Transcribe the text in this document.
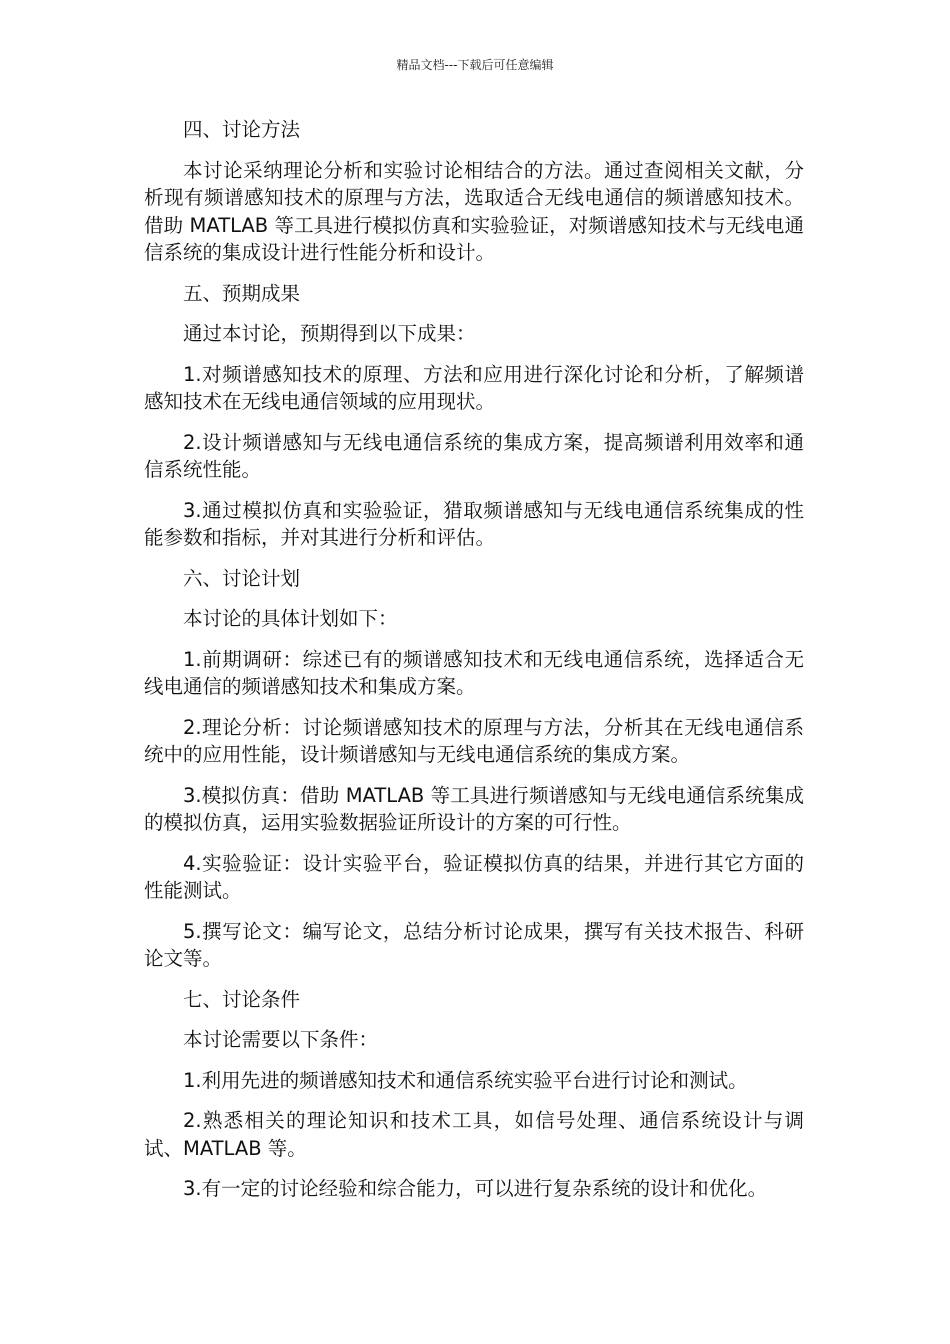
精品文档---下载后可任意编辑

四、讨论方法

本讨论采纳理论分析和实验讨论相结合的方法。通过查阅相关文献，分析现有频谱感知技术的原理与方法，选取适合无线电通信的频谱感知技术。借助 MATLAB 等工具进行模拟仿真和实验验证，对频谱感知技术与无线电通信系统的集成设计进行性能分析和设计。

五、预期成果

通过本讨论，预期得到以下成果：

1.对频谱感知技术的原理、方法和应用进行深化讨论和分析，了解频谱感知技术在无线电通信领域的应用现状。

2.设计频谱感知与无线电通信系统的集成方案，提高频谱利用效率和通信系统性能。

3.通过模拟仿真和实验验证，猎取频谱感知与无线电通信系统集成的性能参数和指标，并对其进行分析和评估。

六、讨论计划

本讨论的具体计划如下：

1.前期调研：综述已有的频谱感知技术和无线电通信系统，选择适合无线电通信的频谱感知技术和集成方案。

2.理论分析：讨论频谱感知技术的原理与方法，分析其在无线电通信系统中的应用性能，设计频谱感知与无线电通信系统的集成方案。

3.模拟仿真：借助 MATLAB 等工具进行频谱感知与无线电通信系统集成的模拟仿真，运用实验数据验证所设计的方案的可行性。

4.实验验证：设计实验平台，验证模拟仿真的结果，并进行其它方面的性能测试。

5.撰写论文：编写论文，总结分析讨论成果，撰写有关技术报告、科研论文等。

七、讨论条件

本讨论需要以下条件：

1.利用先进的频谱感知技术和通信系统实验平台进行讨论和测试。

2.熟悉相关的理论知识和技术工具，如信号处理、通信系统设计与调试、MATLAB 等。

3.有一定的讨论经验和综合能力，可以进行复杂系统的设计和优化。
